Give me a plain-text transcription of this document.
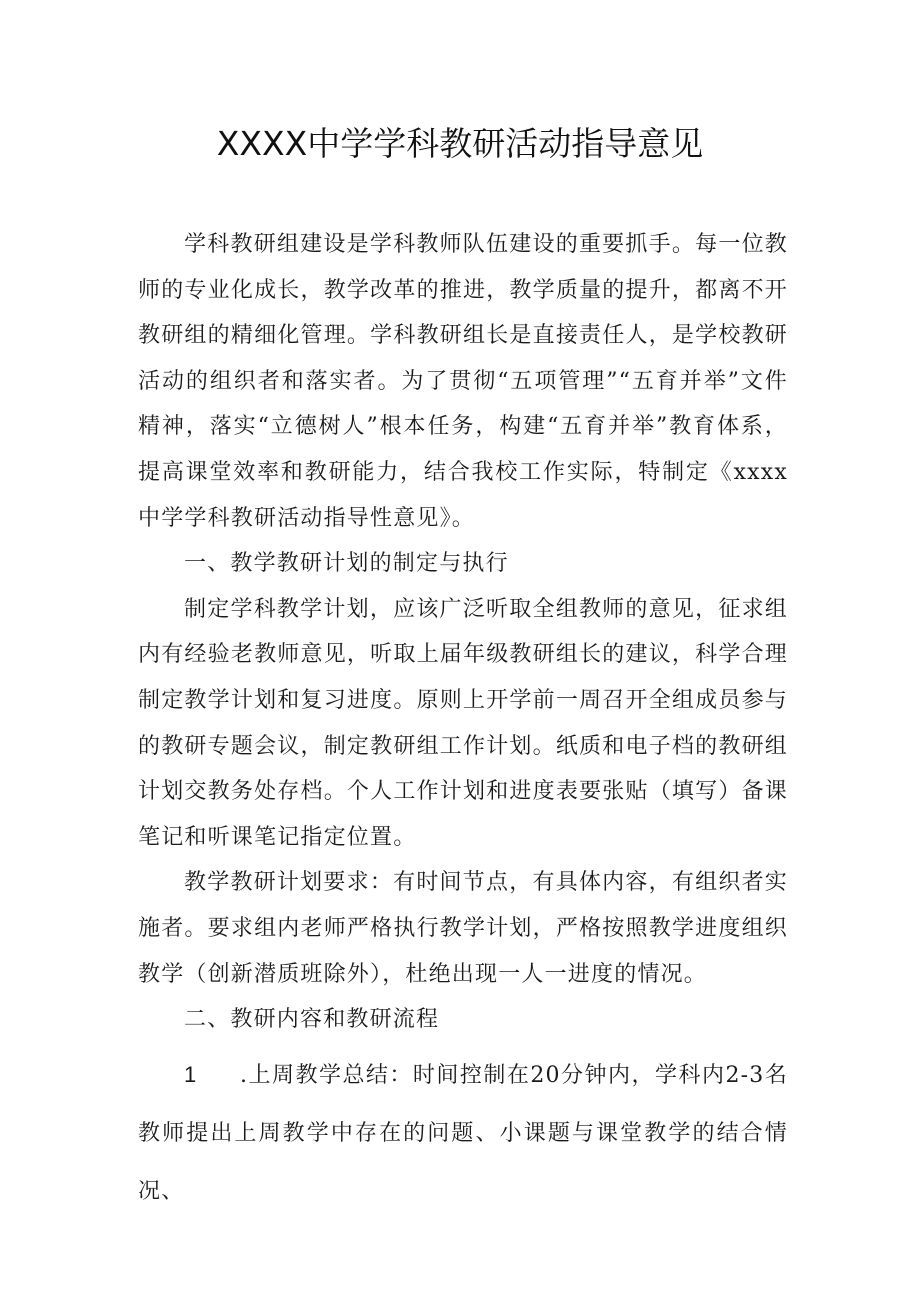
XXXX中学学科教研活动指导意见

学科教研组建设是学科教师队伍建设的重要抓手。每一位教师的专业化成长，教学改革的推进，教学质量的提升，都离不开教研组的精细化管理。学科教研组长是直接责任人，是学校教研活动的组织者和落实者。为了贯彻“五项管理”“五育并举”文件精神，落实“立德树人”根本任务，构建“五育并举”教育体系，提高课堂效率和教研能力，结合我校工作实际，特制定《xxxx中学学科教研活动指导性意见》。

一、教学教研计划的制定与执行

制定学科教学计划，应该广泛听取全组教师的意见，征求组内有经验老教师意见，听取上届年级教研组长的建议，科学合理制定教学计划和复习进度。原则上开学前一周召开全组成员参与的教研专题会议，制定教研组工作计划。纸质和电子档的教研组计划交教务处存档。个人工作计划和进度表要张贴（填写）备课笔记和听课笔记指定位置。

教学教研计划要求：有时间节点，有具体内容，有组织者实施者。要求组内老师严格执行教学计划，严格按照教学进度组织教学（创新潜质班除外），杜绝出现一人一进度的情况。

二、教研内容和教研流程

1 .上周教学总结：时间控制在20分钟内，学科内2-3名教师提出上周教学中存在的问题、小课题与课堂教学的结合情况、
